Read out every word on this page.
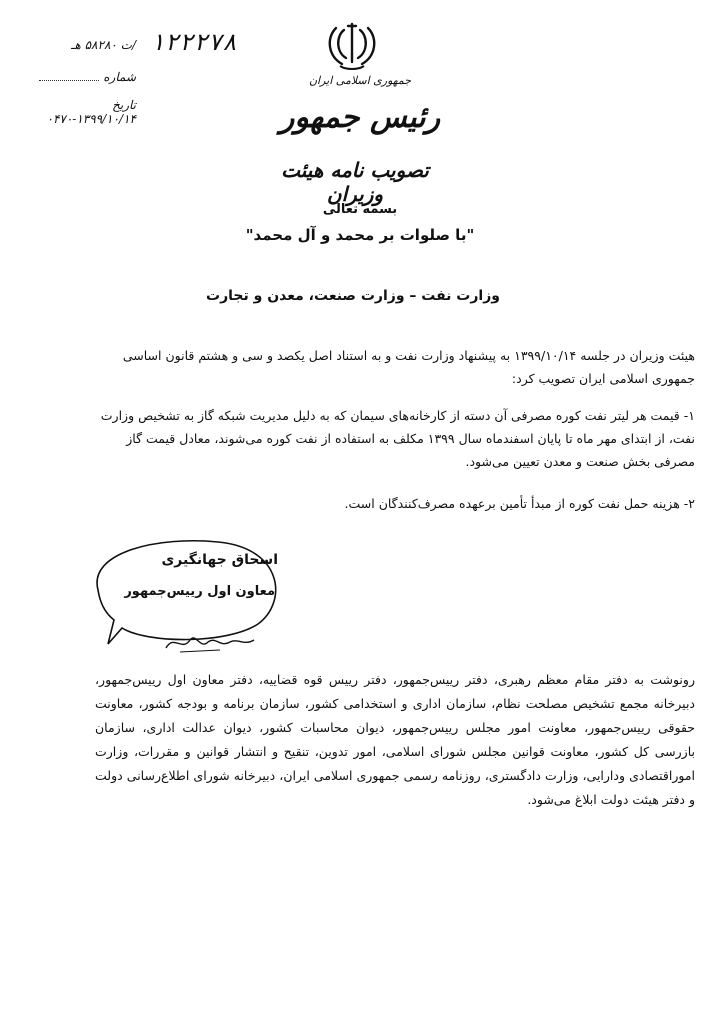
۱۲۲۲۷۸
/ت ۵۸۲۸۰ هـ
شماره
تاریخ ۱۳۹۹/۱۰/۱۴-۰۴۷۰
جمهوری اسلامی ایران
رئیس جمهور
تصویب نامه هیئت وزیران
بسمه تعالی
"با صلوات بر محمد و آل محمد"
وزارت نفت – وزارت صنعت، معدن و تجارت
هیئت وزیران در جلسه ۱۳۹۹/۱۰/۱۴ به پیشنهاد وزارت نفت و به استناد اصل یکصد و سی و هشتم قانون اساسی جمهوری اسلامی ایران تصویب کرد:
۱- قیمت هر لیتر نفت کوره مصرفی آن دسته از کارخانه‌های سیمان که به دلیل مدیریت شبکه گاز به تشخیص وزارت نفت، از ابتدای مهر ماه تا پایان اسفندماه سال ۱۳۹۹ مکلف به استفاده از نفت کوره می‌شوند، معادل قیمت گاز مصرفی بخش صنعت و معدن تعیین می‌شود.
۲- هزینه حمل نفت کوره از مبدأ تأمین برعهده مصرف‌کنندگان است.
اسحاق جهانگیری
معاون اول رییس‌جمهور
رونوشت به دفتر مقام معظم رهبری، دفتر رییس‌جمهور، دفتر رییس قوه قضاییه، دفتر معاون اول رییس‌جمهور، دبیرخانه مجمع تشخیص مصلحت نظام، سازمان اداری و استخدامی کشور، سازمان برنامه و بودجه کشور، معاونت حقوقی رییس‌جمهور، معاونت امور مجلس رییس‌جمهور، دیوان محاسبات کشور، دیوان عدالت اداری، سازمان بازرسی کل کشور، معاونت قوانین مجلس شورای اسلامی، امور تدوین، تنقیح و انتشار قوانین و مقررات، وزارت اموراقتصادی ودارایی، وزارت دادگستری، روزنامه رسمی جمهوری اسلامی ایران، دبیرخانه شورای اطلاع‌رسانی دولت و دفتر هیئت دولت ابلاغ می‌شود.
